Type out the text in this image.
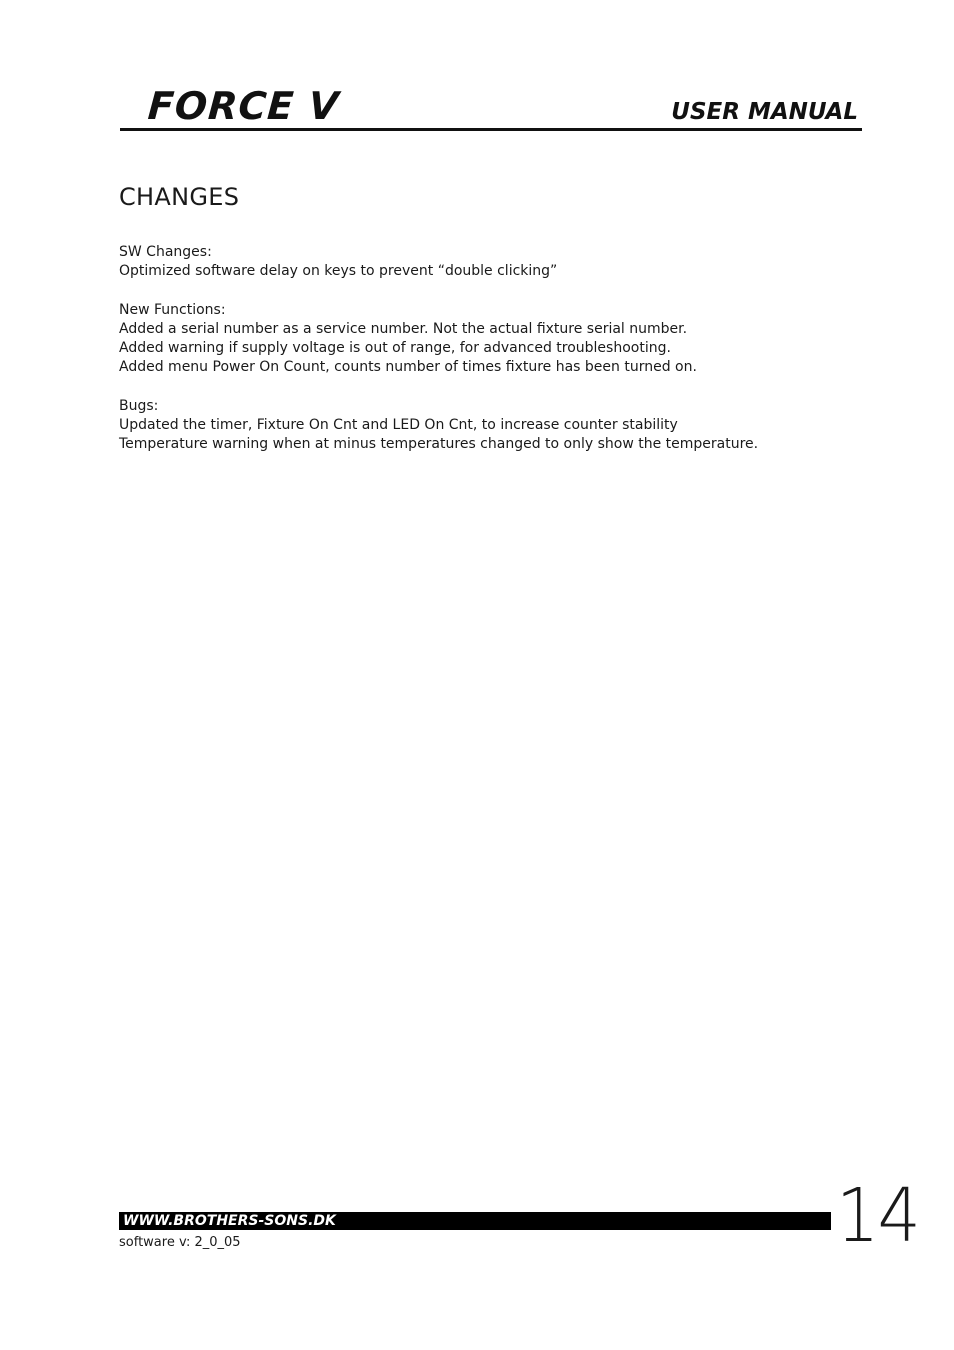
FORCE V	USER MANUAL
CHANGES
SW Changes:
Optimized software delay on keys to prevent “double clicking”
New Functions:
Added a serial number as a service number. Not the actual fixture serial number.
Added warning if supply voltage is out of range, for advanced troubleshooting.
Added menu Power On Count, counts number of times fixture has been turned on.
Bugs:
Updated the timer, Fixture On Cnt and LED On Cnt, to increase counter stability
Temperature warning when at minus temperatures changed to only show the temperature.
WWW.BROTHERS-SONS.DK
software v: 2_0_05	14
